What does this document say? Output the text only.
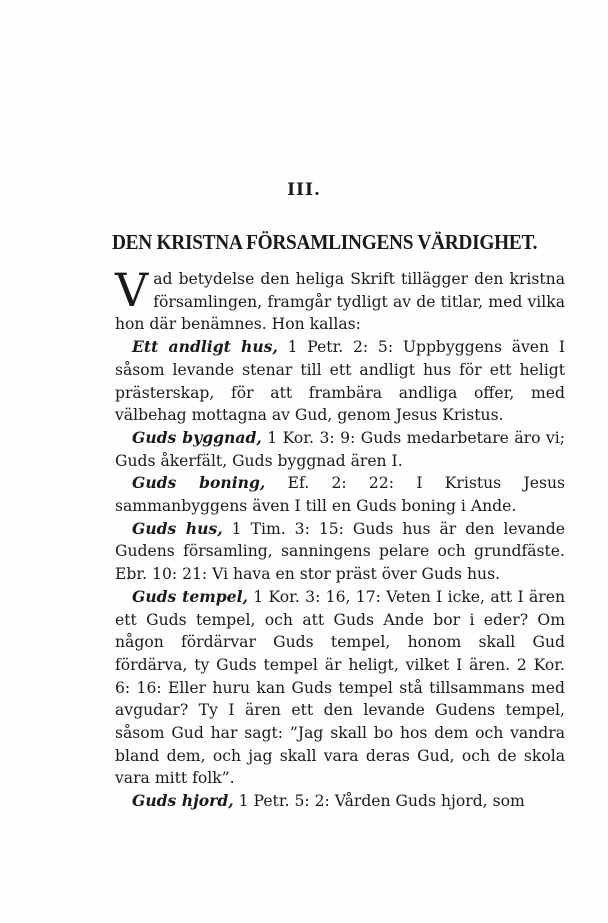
III.
DEN KRISTNA FÖRSAMLINGENS VÄRDIGHET.

Vad betydelse den heliga Skrift tillägger den kristna församlingen, framgår tydligt av de titlar, med vilka hon där benämnes. Hon kallas:

Ett andligt hus, 1 Petr. 2: 5: Uppbyggens även I såsom levande stenar till ett andligt hus för ett heligt prästerskap, för att frambära andliga offer, med välbehag mottagna av Gud, genom Jesus Kristus.

Guds byggnad, 1 Kor. 3: 9: Guds medarbetare äro vi; Guds åkerfält, Guds byggnad ären I.

Guds boning, Ef. 2: 22: I Kristus Jesus sammanbyggens även I till en Guds boning i Ande.

Guds hus, 1 Tim. 3: 15: Guds hus är den levande Gudens församling, sanningens pelare och grundfäste. Ebr. 10: 21: Vi hava en stor präst över Guds hus.

Guds tempel, 1 Kor. 3: 16, 17: Veten I icke, att I ären ett Guds tempel, och att Guds Ande bor i eder? Om någon fördärvar Guds tempel, honom skall Gud fördärva, ty Guds tempel är heligt, vilket I ären. 2 Kor. 6: 16: Eller huru kan Guds tempel stå tillsammans med avgudar? Ty I ären ett den levande Gudens tempel, såsom Gud har sagt: ”Jag skall bo hos dem och vandra bland dem, och jag skall vara deras Gud, och de skola vara mitt folk”.

Guds hjord, 1 Petr. 5: 2: Vården Guds hjord, som
